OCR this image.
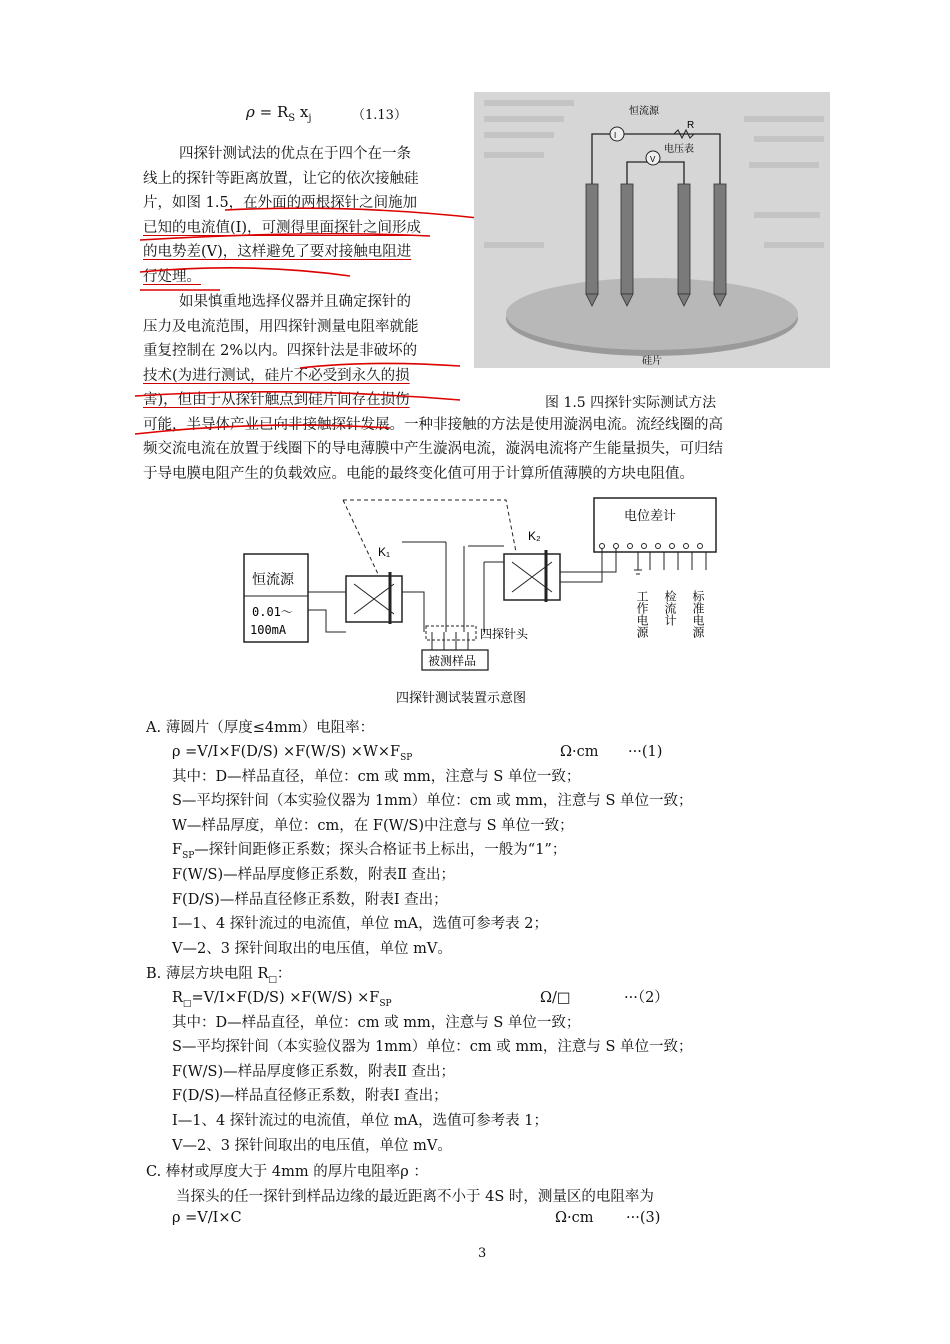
$\rho = R_S$ $x_j$	（1.13）
四探针测试法的优点在于四个在一条
线上的探针等距离放置，让它的依次接触硅
片，如图 1.5，在外面的两根探针之间施加
已知的电流值(I)，可测得里面探针之间形成
的电势差(V)，这样避免了要对接触电阻进
行处理。
如果慎重地选择仪器并且确定探针的
压力及电流范围，用四探针测量电阻率就能
重复控制在 2%以内。四探针法是非破坏的
技术(为进行测试，硅片不必受到永久的损
害)，但由于从探针触点到硅片间存在损伤
可能，半导体产业已向非接触探针发展。一种非接触的方法是使用漩涡电流。流经线圈的高
频交流电流在放置于线圈下的导电薄膜中产生漩涡电流，漩涡电流将产生能量损失，可归结
于导电膜电阻产生的负载效应。电能的最终变化值可用于计算所值薄膜的方块电阻值。
恒流源
R
I
V
电压表
硅片
图 1.5 四探针实际测试方法
恒流源
0.01～
100mA
K₁
K₂
四探针头
被测样品
电位差计
工作电源 检流计 标准电源
四探针测试装置示意图
A. 薄圆片（厚度≤4mm）电阻率：
$\rho =V/I\times F(D/S) \times F(W/S) \times W\times F_{SP}$	Ω·cm ···(1)
其中：D—样品直径，单位：cm 或 mm，注意与 S 单位一致；
S—平均探针间（本实验仪器为 1mm）单位：cm 或 mm，注意与 S 单位一致；
W—样品厚度，单位：cm，在 F(W/S)中注意与 S 单位一致；
$F_{SP}—$探针间距修正系数；探头合格证书上标出，一般为“1”；
F(W/S)—样品厚度修正系数，附表Ⅱ 查出；
F(D/S)—样品直径修正系数，附表Ⅰ 查出；
I—1、4 探针流过的电流值，单位 mA，选值可参考表 2；
V—2、3 探针间取出的电压值，单位 mV。
B. 薄层方块电阻 $R_□$：
$R_□=V/I\times F(D/S) \times F(W/S) \times F_{SP}$	Ω/□	···（2）
其中：D—样品直径，单位：cm 或 mm，注意与 S 单位一致；
S—平均探针间（本实验仪器为 1mm）单位：cm 或 mm，注意与 S 单位一致；
F(W/S)—样品厚度修正系数，附表Ⅱ 查出；
F(D/S)—样品直径修正系数，附表Ⅰ 查出；
I—1、4 探针流过的电流值，单位 mA，选值可参考表 1；
V—2、3 探针间取出的电压值，单位 mV。
C. 棒材或厚度大于 4mm 的厚片电阻率ρ ：
当探头的任一探针到样品边缘的最近距离不小于 4S 时，测量区的电阻率为
ρ =V/I×C	Ω·cm ···(3)
3
